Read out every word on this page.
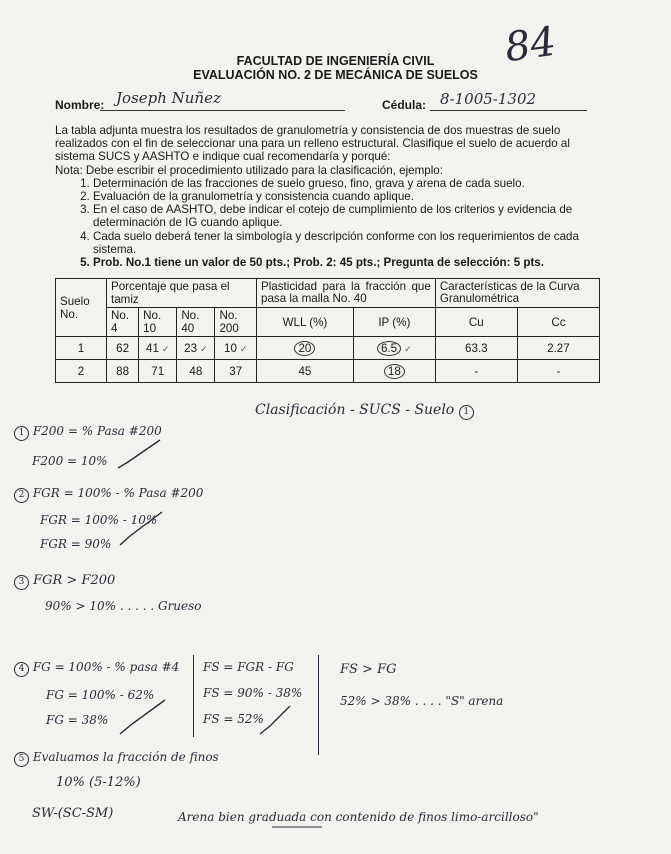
84
FACULTAD DE INGENIERÍA CIVIL
EVALUACIÓN NO. 2 DE MECÁNICA DE SUELOS
Nombre: Joseph Nuñez	Cédula: 8-1005-1302

La tabla adjunta muestra los resultados de granulometría y consistencia de dos muestras de suelo realizados con el fin de seleccionar una para un relleno estructural. Clasifique el suelo de acuerdo al sistema SUCS y AASHTO e indique cual recomendaría y porqué:

Nota: Debe escribir el procedimiento utilizado para la clasificación, ejemplo:

1. Determinación de las fracciones de suelo grueso, fino, grava y arena de cada suelo.
2. Evaluación de la granulometría y consistencia cuando aplique.
3. En el caso de AASHTO, debe indicar el cotejo de cumplimiento de los criterios y evidencia de determinación de IG cuando aplique.
4. Cada suelo deberá tener la simbología y descripción conforme con los requerimientos de cada sistema.
5. Prob. No.1 tiene un valor de 50 pts.; Prob. 2: 45 pts.; Pregunta de selección: 5 pts.
Suelo No.	Porcentaje que pasa el tamiz				Plasticidad para la fracción que pasa la malla No. 40		Características de la Curva Granulométrica	
	No. 4	No. 10	No. 40	No. 200	WLL (%)	IP (%)	Cu	Cc
1	62	41 ✓	23 ✓	10 ✓	20	6.5 ✓	63.3	2.27
2	88	71	48	37	45	18	-	-
Clasificación - SUCS - Suelo 1
1 F200 = % Pasa #200
F200 = 10%
2 FGR = 100% - % Pasa #200
FGR = 100% - 10%
FGR = 90%
3 FGR > F200
90% > 10% . . . . . Grueso
4 FG = 100% - % pasa #4
FG = 100% - 62%
FG = 38%
FS = FGR - FG
FS = 90% - 38%
FS = 52%
FS > FG
52% > 38% . . . . "S" arena
5 Evaluamos la fracción de finos
10% (5-12%)
SW-(SC-SM)	Arena bien graduada con contenido de finos limo-arcilloso"
